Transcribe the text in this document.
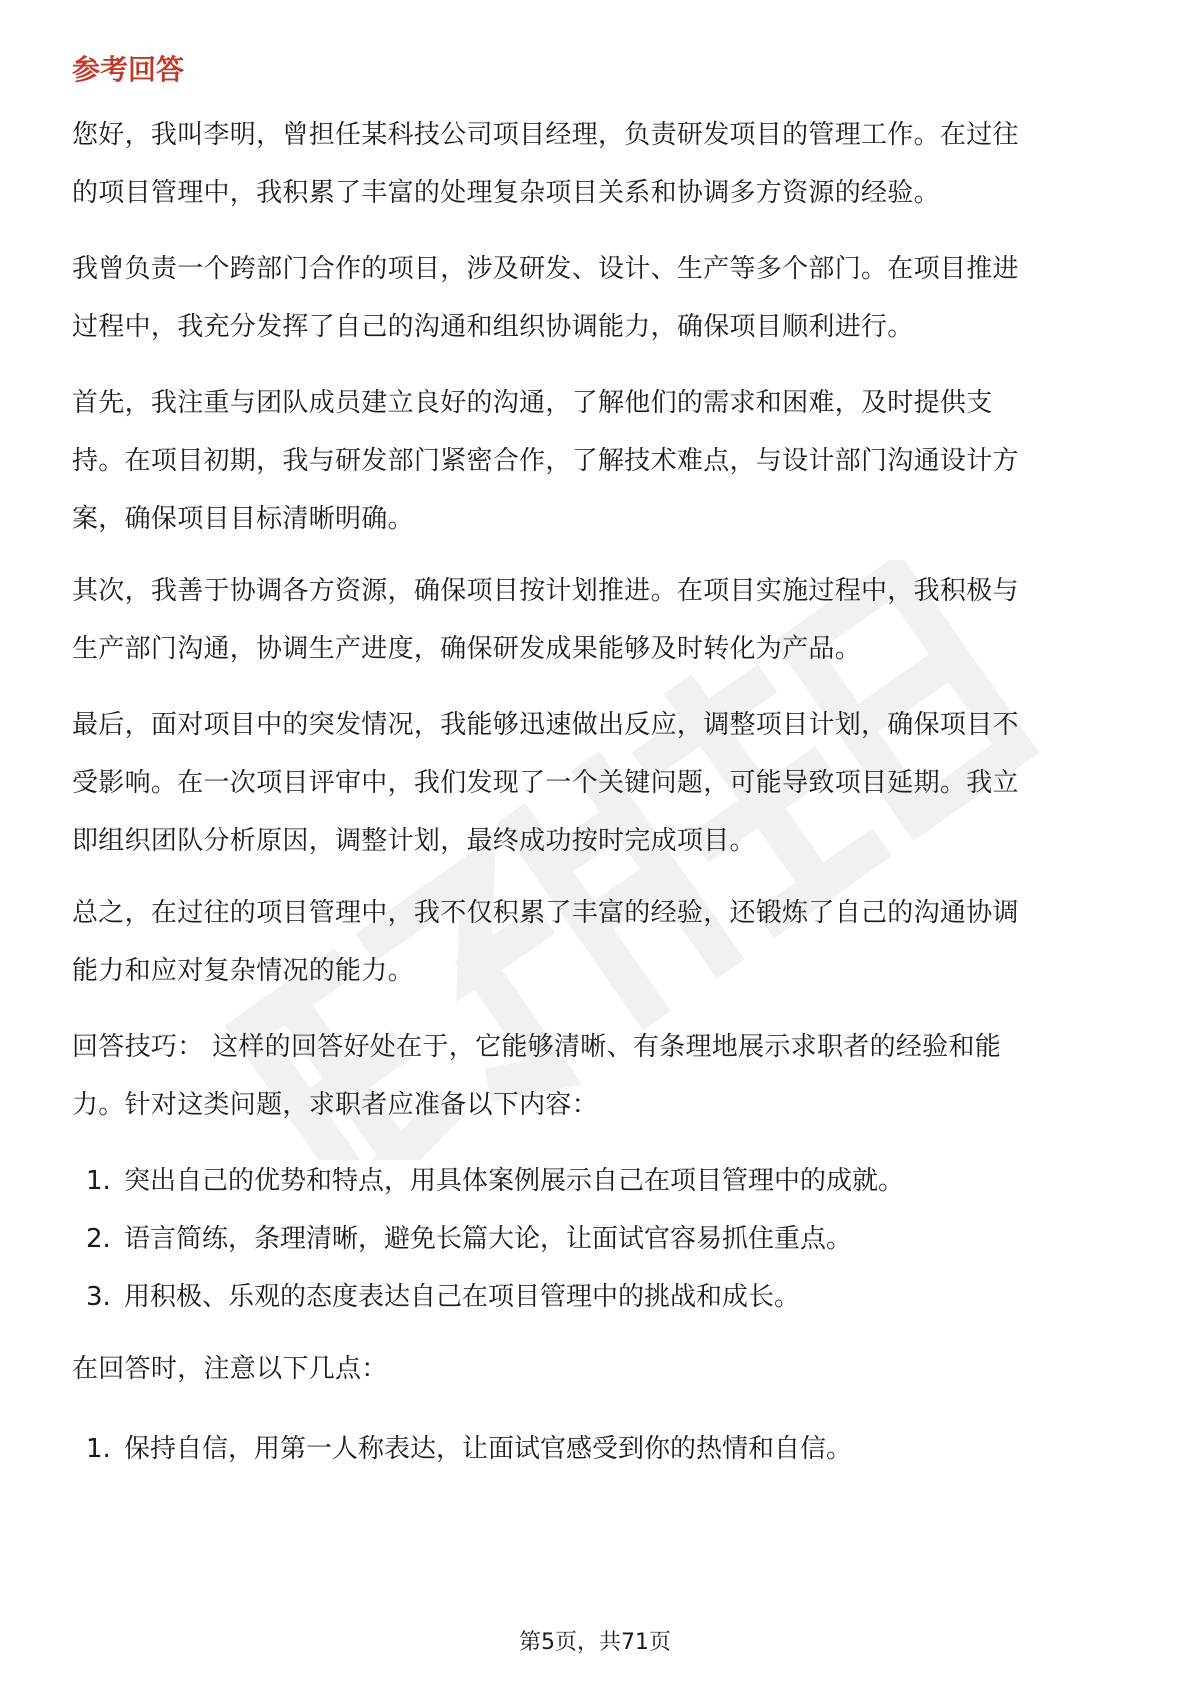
参考回答
您好，我叫李明，曾担任某科技公司项目经理，负责研发项目的管理工作。在过往
的项目管理中，我积累了丰富的处理复杂项目关系和协调多方资源的经验。
我曾负责一个跨部门合作的项目，涉及研发、设计、生产等多个部门。在项目推进
过程中，我充分发挥了自己的沟通和组织协调能力，确保项目顺利进行。
首先，我注重与团队成员建立良好的沟通，了解他们的需求和困难，及时提供支
持。在项目初期，我与研发部门紧密合作，了解技术难点，与设计部门沟通设计方
案，确保项目目标清晰明确。
其次，我善于协调各方资源，确保项目按计划推进。在项目实施过程中，我积极与
生产部门沟通，协调生产进度，确保研发成果能够及时转化为产品。
最后，面对项目中的突发情况，我能够迅速做出反应，调整项目计划，确保项目不
受影响。在一次项目评审中，我们发现了一个关键问题，可能导致项目延期。我立
即组织团队分析原因，调整计划，最终成功按时完成项目。
总之，在过往的项目管理中，我不仅积累了丰富的经验，还锻炼了自己的沟通协调
能力和应对复杂情况的能力。
回答技巧： 这样的回答好处在于，它能够清晰、有条理地展示求职者的经验和能
力。针对这类问题，求职者应准备以下内容：
1. 突出自己的优势和特点，用具体案例展示自己在项目管理中的成就。
2. 语言简练，条理清晰，避免长篇大论，让面试官容易抓住重点。
3. 用积极、乐观的态度表达自己在项目管理中的挑战和成长。
在回答时，注意以下几点：
1. 保持自信，用第一人称表达，让面试官感受到你的热情和自信。
第5页，共71页
